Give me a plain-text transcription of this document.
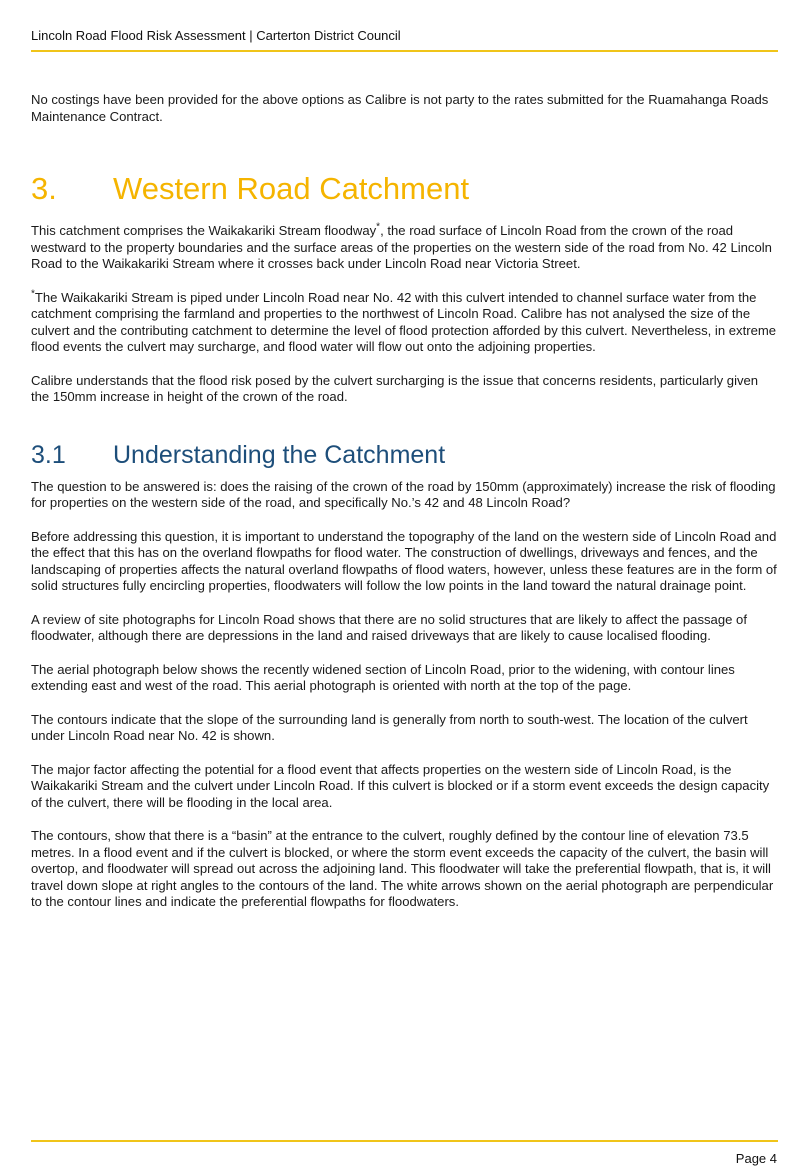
Lincoln Road Flood Risk Assessment | Carterton District Council

No costings have been provided for the above options as Calibre is not party to the rates submitted for the Ruamahanga Roads Maintenance Contract.

3.	Western Road Catchment

This catchment comprises the Waikakariki Stream floodway*, the road surface of Lincoln Road from the crown of the road westward to the property boundaries and the surface areas of the properties on the western side of the road from No. 42 Lincoln Road to the Waikakariki Stream where it crosses back under Lincoln Road near Victoria Street.

*The Waikakariki Stream is piped under Lincoln Road near No. 42 with this culvert intended to channel surface water from the catchment comprising the farmland and properties to the northwest of Lincoln Road. Calibre has not analysed the size of the culvert and the contributing catchment to determine the level of flood protection afforded by this culvert. Nevertheless, in extreme flood events the culvert may surcharge, and flood water will flow out onto the adjoining properties.

Calibre understands that the flood risk posed by the culvert surcharging is the issue that concerns residents, particularly given the 150mm increase in height of the crown of the road.

3.1	Understanding the Catchment

The question to be answered is: does the raising of the crown of the road by 150mm (approximately) increase the risk of flooding for properties on the western side of the road, and specifically No.’s 42 and 48 Lincoln Road?

Before addressing this question, it is important to understand the topography of the land on the western side of Lincoln Road and the effect that this has on the overland flowpaths for flood water. The construction of dwellings, driveways and fences, and the landscaping of properties affects the natural overland flowpaths of flood waters, however, unless these features are in the form of solid structures fully encircling properties, floodwaters will follow the low points in the land toward the natural drainage point.

A review of site photographs for Lincoln Road shows that there are no solid structures that are likely to affect the passage of floodwater, although there are depressions in the land and raised driveways that are likely to cause localised flooding.

The aerial photograph below shows the recently widened section of Lincoln Road, prior to the widening, with contour lines extending east and west of the road. This aerial photograph is oriented with north at the top of the page.

The contours indicate that the slope of the surrounding land is generally from north to south-west. The location of the culvert under Lincoln Road near No. 42 is shown.

The major factor affecting the potential for a flood event that affects properties on the western side of Lincoln Road, is the Waikakariki Stream and the culvert under Lincoln Road. If this culvert is blocked or if a storm event exceeds the design capacity of the culvert, there will be flooding in the local area.

The contours, show that there is a “basin” at the entrance to the culvert, roughly defined by the contour line of elevation 73.5 metres. In a flood event and if the culvert is blocked, or where the storm event exceeds the capacity of the culvert, the basin will overtop, and floodwater will spread out across the adjoining land. This floodwater will take the preferential flowpath, that is, it will travel down slope at right angles to the contours of the land. The white arrows shown on the aerial photograph are perpendicular to the contour lines and indicate the preferential flowpaths for floodwaters.

Page 4
